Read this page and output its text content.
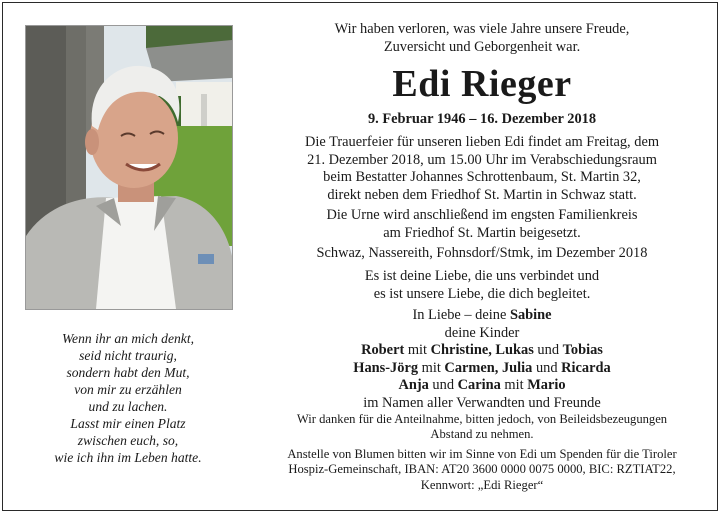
Wenn ihr an mich denkt,
seid nicht traurig,
sondern habt den Mut,
von mir zu erzählen
und zu lachen.
Lasst mir einen Platz
zwischen euch, so,
wie ich ihn im Leben hatte.
Wir haben verloren, was viele Jahre unsere Freude,
Zuversicht und Geborgenheit war.
Edi Rieger
9. Februar 1946 – 16. Dezember 2018
Die Trauerfeier für unseren lieben Edi findet am Freitag, dem
21. Dezember 2018, um 15.00 Uhr im Verabschiedungsraum
beim Bestatter Johannes Schrottenbaum, St. Martin 32,
direkt neben dem Friedhof St. Martin in Schwaz statt.
Die Urne wird anschließend im engsten Familienkreis
am Friedhof St. Martin beigesetzt.
Schwaz, Nassereith, Fohnsdorf/Stmk, im Dezember 2018
Es ist deine Liebe, die uns verbindet und
es ist unsere Liebe, die dich begleitet.
In Liebe – deine Sabine
deine Kinder
Robert mit Christine, Lukas und Tobias
Hans-Jörg mit Carmen, Julia und Ricarda
Anja und Carina mit Mario
im Namen aller Verwandten und Freunde
Wir danken für die Anteilnahme, bitten jedoch, von Beileidsbezeugungen
Abstand zu nehmen.
Anstelle von Blumen bitten wir im Sinne von Edi um Spenden für die Tiroler
Hospiz-Gemeinschaft, IBAN: AT20 3600 0000 0075 0000, BIC: RZTIAT22,
Kennwort: „Edi Rieger“
